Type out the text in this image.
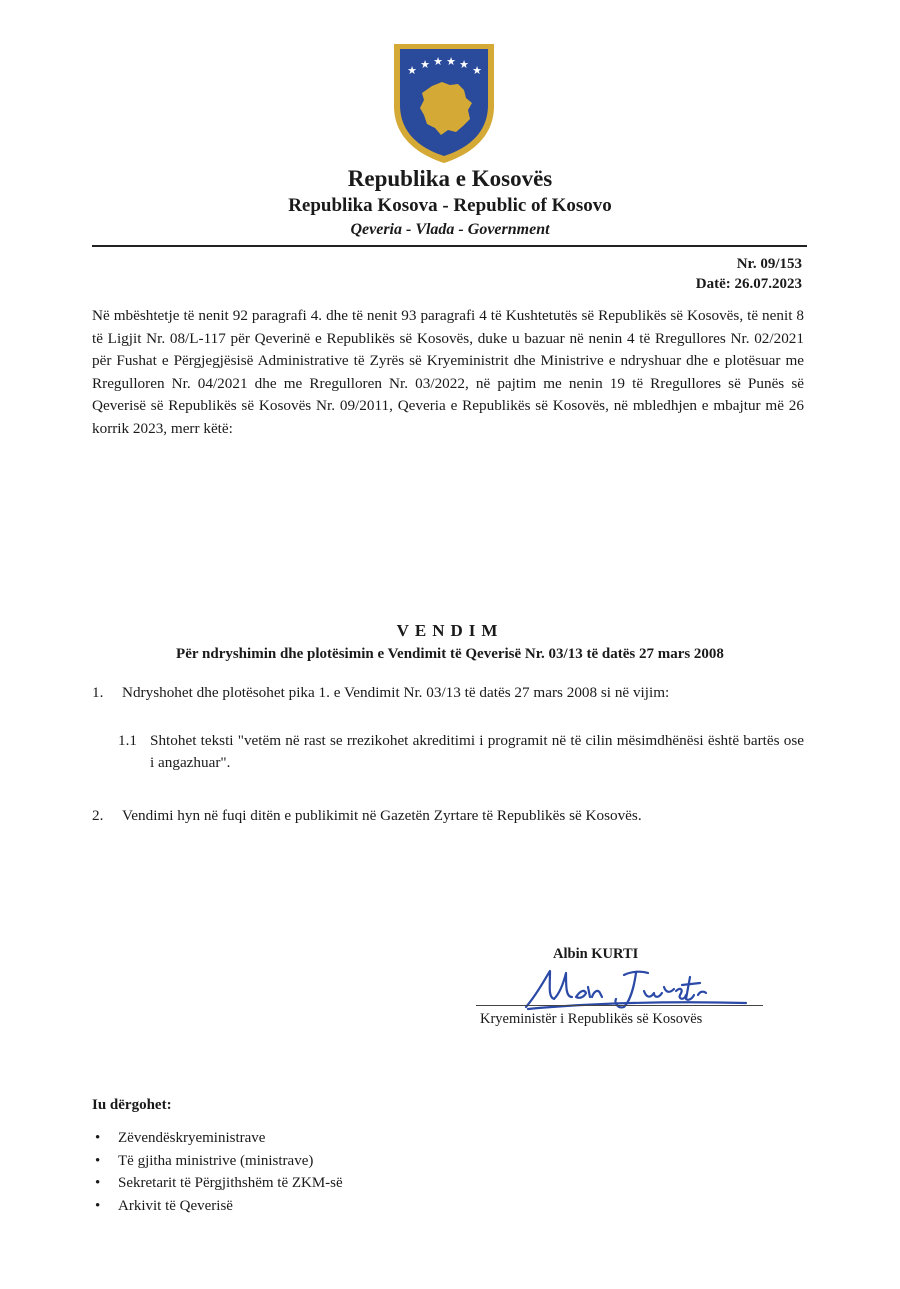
★ ★ ★ ★ ★ ★
Republika e Kosovës
Republika Kosova - Republic of Kosovo
Qeveria - Vlada - Government
Nr. 09/153
Datë: 26.07.2023
Në mbështetje të nenit 92 paragrafi 4. dhe të nenit 93 paragrafi 4 të Kushtetutës së Republikës së Kosovës, të nenit 8 të Ligjit Nr. 08/L-117 për Qeverinë e Republikës së Kosovës, duke u bazuar në nenin 4 të Rregullores Nr. 02/2021 për Fushat e Përgjegjësisë Administrative të Zyrës së Kryeministrit dhe Ministrive e ndryshuar dhe e plotësuar me Rregulloren Nr. 04/2021 dhe me Rregulloren Nr. 03/2022, në pajtim me nenin 19 të Rregullores së Punës së Qeverisë së Republikës së Kosovës Nr. 09/2011, Qeveria e Republikës së Kosovës, në mbledhjen e mbajtur më 26 korrik 2023, merr këtë:
VENDIM
Për ndryshimin dhe plotësimin e Vendimit të Qeverisë Nr. 03/13 të datës 27 mars 2008
1.	Ndryshohet dhe plotësohet pika 1. e Vendimit Nr. 03/13 të datës 27 mars 2008 si në vijim:
1.1 Shtohet teksti "vetëm në rast se rrezikohet akreditimi i programit në të cilin mësimdhënësi është bartës ose i angazhuar".
2.	Vendimi hyn në fuqi ditën e publikimit në Gazetën Zyrtare të Republikës së Kosovës.
Albin KURTI
Kryeministër i Republikës së Kosovës
Iu dërgohet:
• Zëvendëskryeministrave
• Të gjitha ministrive (ministrave)
• Sekretarit të Përgjithshëm të ZKM-së
• Arkivit të Qeverisë
